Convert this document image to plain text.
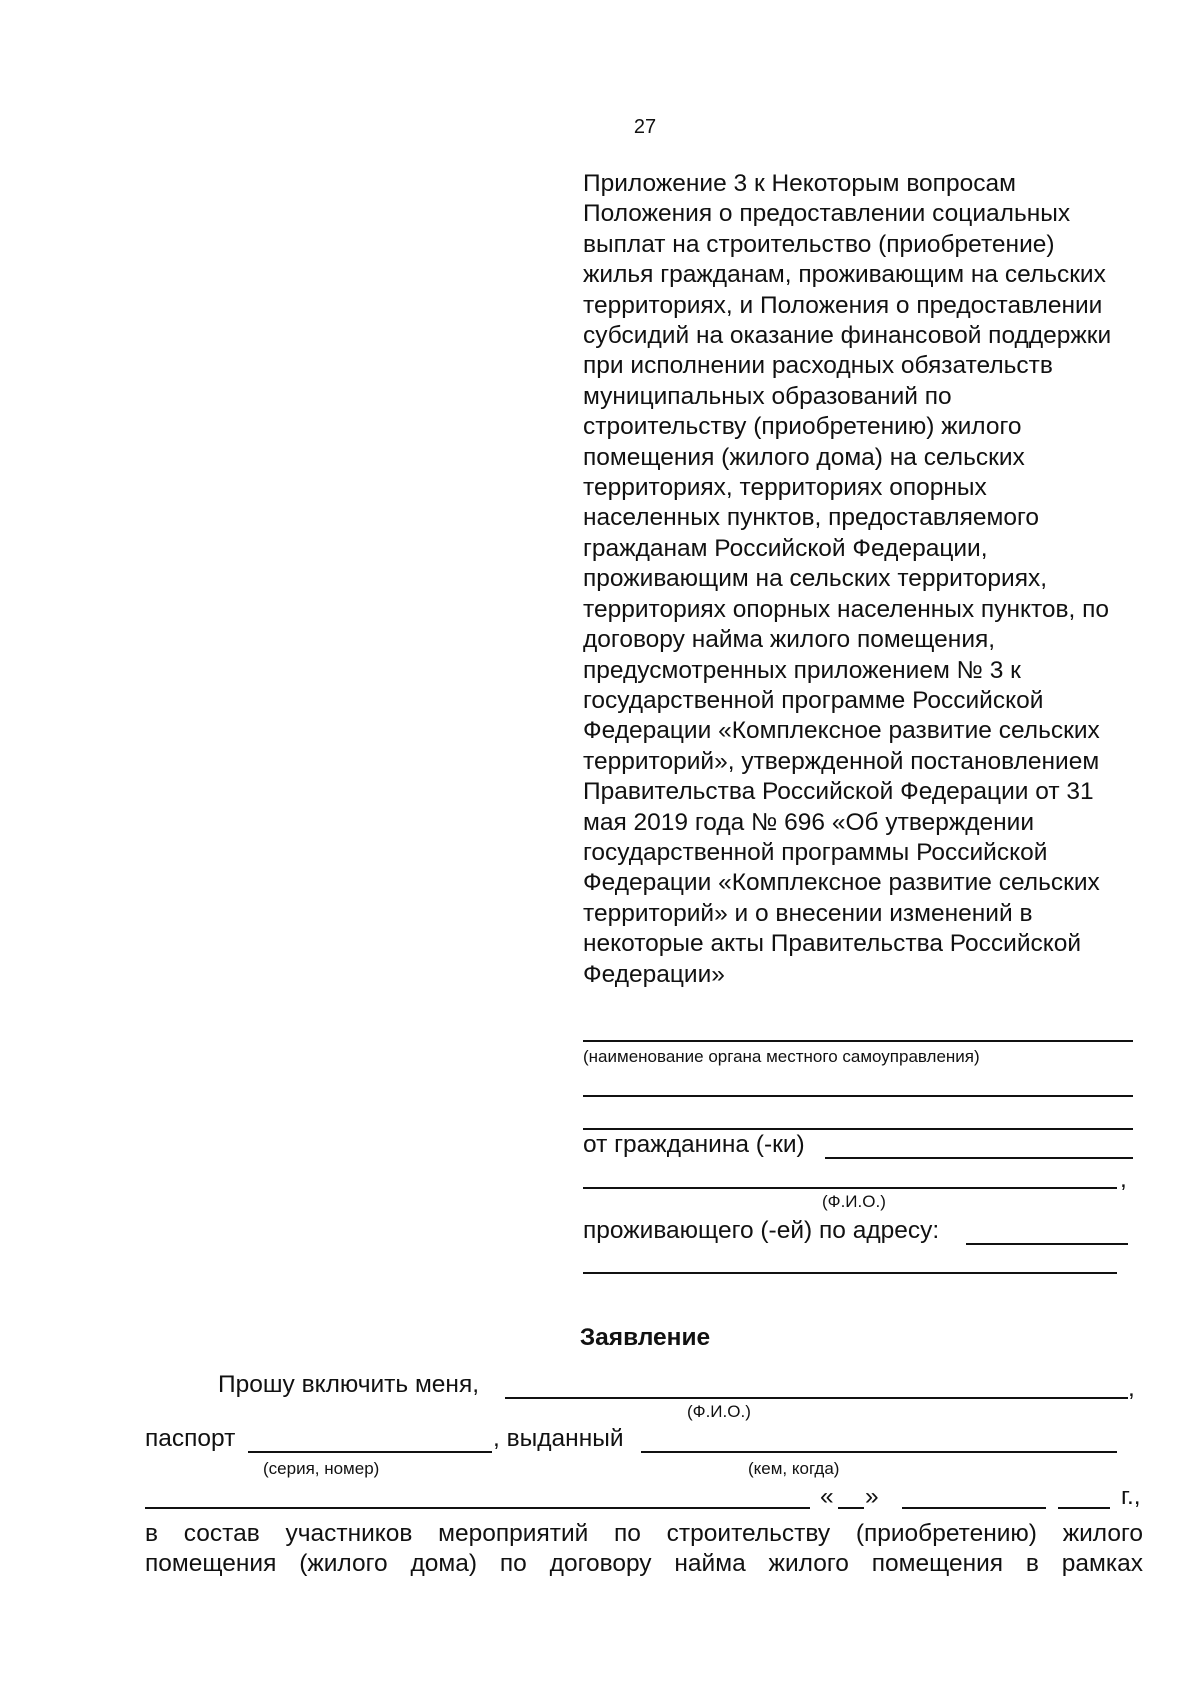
27
Приложение 3 к Некоторым вопросам
Положения о предоставлении социальных
выплат на строительство (приобретение)
жилья гражданам, проживающим на сельских
территориях, и Положения о предоставлении
субсидий на оказание финансовой поддержки
при исполнении расходных обязательств
муниципальных образований по
строительству (приобретению) жилого
помещения (жилого дома) на сельских
территориях, территориях опорных
населенных пунктов, предоставляемого
гражданам Российской Федерации,
проживающим на сельских территориях,
территориях опорных населенных пунктов, по
договору найма жилого помещения,
предусмотренных приложением № 3 к
государственной программе Российской
Федерации «Комплексное развитие сельских
территорий», утвержденной постановлением
Правительства Российской Федерации от 31
мая 2019 года № 696 «Об утверждении
государственной программы Российской
Федерации «Комплексное развитие сельских
территорий» и о внесении изменений в
некоторые акты Правительства Российской
Федерации»
(наименование органа местного самоуправления)
от гражданина (-ки)
,
(Ф.И.О.)
проживающего (-ей) по адресу:
Заявление
Прошу включить меня,	,
(Ф.И.О.)
паспорт	, выданный
(серия, номер)	(кем, когда)
« »	г.,
в состав участников мероприятий по строительству (приобретению) жилого
помещения (жилого дома) по договору найма жилого помещения в рамках
